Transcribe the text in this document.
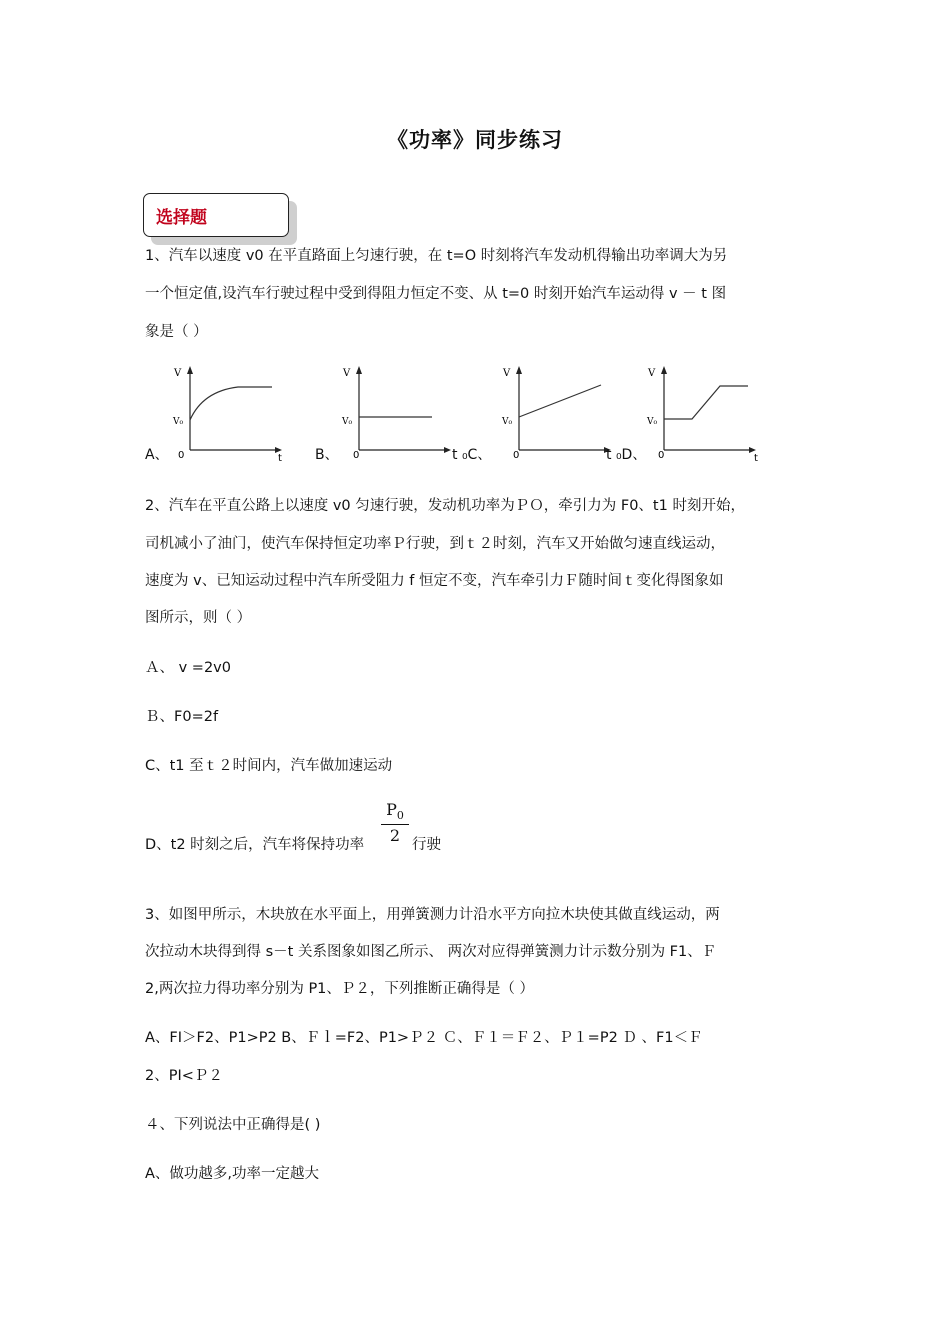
《功率》同步练习
选择题
1、汽车以速度 v0 在平直路面上匀速行驶，在 t=O 时刻将汽车发动机得输出功率调大为另
一个恒定值,设汽车行驶过程中受到得阻力恒定不变、从 t=0 时刻开始汽车运动得 v － t 图
象是（ ）
V
V₀
0	t
V
V₀
0
V
V₀
0
V
V₀
0	t
A、	B、	t ₀C、	t ₀D、
2、汽车在平直公路上以速度 v0 匀速行驶，发动机功率为ＰＯ，牵引力为 F0、t1 时刻开始，
司机减小了油门，使汽车保持恒定功率Ｐ行驶，到ｔ２时刻，汽车又开始做匀速直线运动，
速度为 v、已知运动过程中汽车所受阻力 f 恒定不变，汽车牵引力Ｆ随时间ｔ变化得图象如
图所示，则（ ）
Ａ、 v =2v0
Ｂ、F0=2f
C、t1 至ｔ２时间内，汽车做加速运动
D、t2 时刻之后，汽车将保持功率 $\frac{P_0}{2}$ 行驶
3、如图甲所示，木块放在水平面上，用弹簧测力计沿水平方向拉木块使其做直线运动，两
次拉动木块得到得 s－t 关系图象如图乙所示、 两次对应得弹簧测力计示数分别为 F1、Ｆ
2,两次拉力得功率分别为 P1、Ｐ２，下列推断正确得是（ ）
A、FI＞F2、P1>P2 B、Ｆｌ=F2、P1>Ｐ２ Ｃ、Ｆ１＝Ｆ２、Ｐ１=P2 Ｄ 、F1＜Ｆ
2、PI<Ｐ２
４、下列说法中正确得是( )
A、做功越多,功率一定越大
